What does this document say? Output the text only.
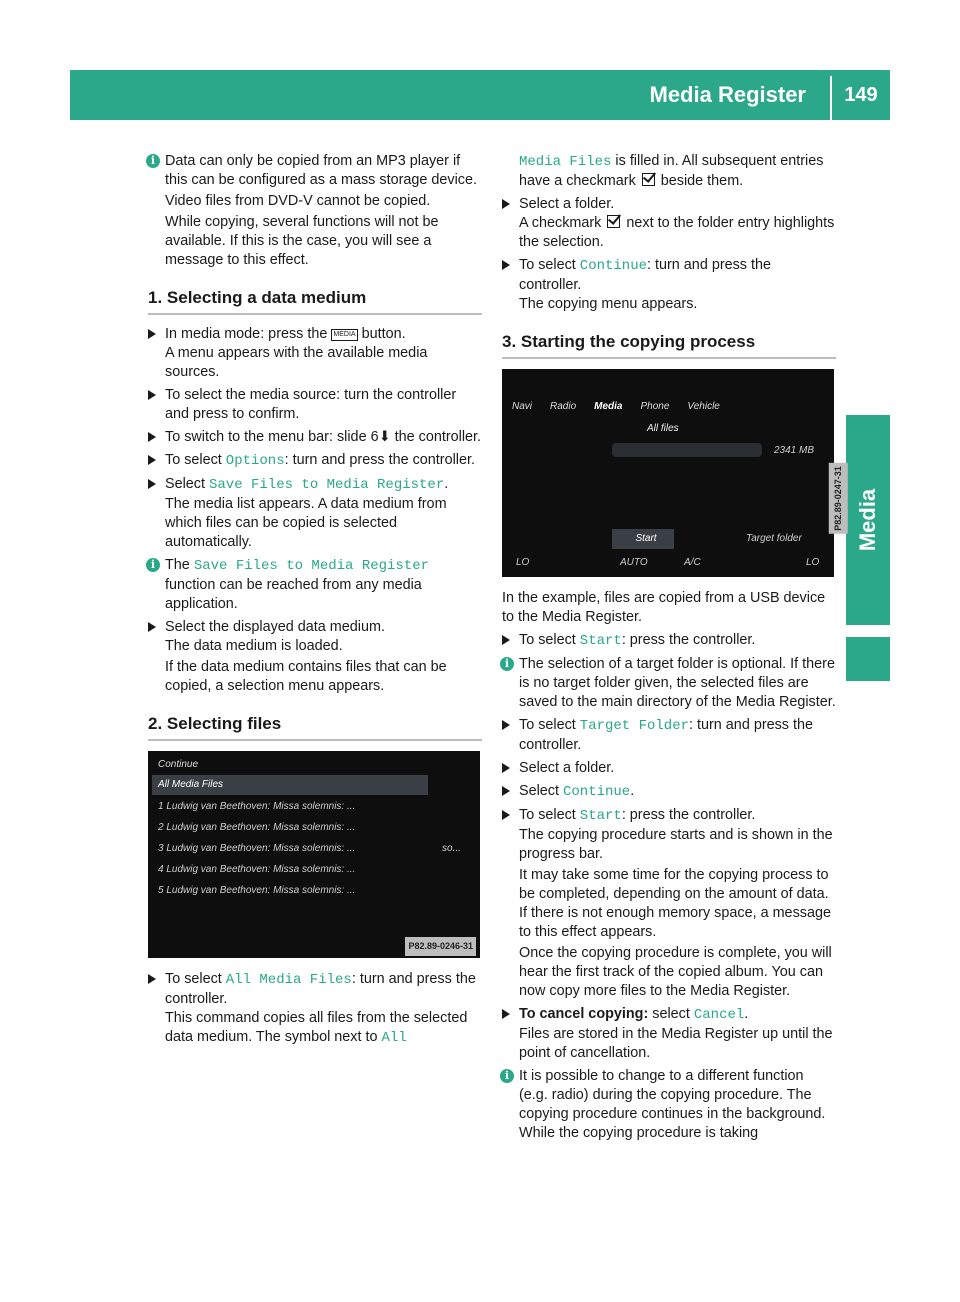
Media Register	149
Media
i Data can only be copied from an MP3 player if this can be configured as a mass storage device.

Video files from DVD-V cannot be copied.

While copying, several functions will not be available. If this is the case, you will see a message to this effect.

1. Selecting a data medium
In media mode: press the MEDIA button.
A menu appears with the available media sources.
To select the media source: turn the controller and press to confirm.
To switch to the menu bar: slide 6⬇ the controller.
To select Options: turn and press the controller.
Select Save Files to Media Register.
The media list appears. A data medium from which files can be copied is selected automatically.
i The Save Files to Media Register function can be reached from any media application.
Select the displayed data medium.
The data medium is loaded.

If the data medium contains files that can be copied, a selection menu appears.

2. Selecting files
Continue
All Media Files
1 Ludwig van Beethoven: Missa solemnis: ...
2 Ludwig van Beethoven: Missa solemnis: ...
3 Ludwig van Beethoven: Missa solemnis: ...
4 Ludwig van Beethoven: Missa solemnis: ...
5 Ludwig van Beethoven: Missa solemnis: ...
so...
P82.89-0246-31
To select All Media Files: turn and press the controller.
This command copies all files from the selected data medium. The symbol next to All

Media Files is filled in. All subsequent entries have a checkmark beside them.

Select a folder.
A checkmark next to the folder entry highlights the selection.
To select Continue: turn and press the controller.
The copying menu appears.
3. Starting the copying process
Navi Radio Media Phone Vehicle
All files
2341 MB
Start	Target folder
LO	AUTO	A/C	LO
P82.89-0247-31

In the example, files are copied from a USB device to the Media Register.

To select Start: press the controller.
i The selection of a target folder is optional. If there is no target folder given, the selected files are saved to the main directory of the Media Register.

To select Target Folder: turn and press the controller.
Select a folder.
Select Continue.
To select Start: press the controller.
The copying procedure starts and is shown in the progress bar.

It may take some time for the copying process to be completed, depending on the amount of data. If there is not enough memory space, a message to this effect appears.

Once the copying procedure is complete, you will hear the first track of the copied album. You can now copy more files to the Media Register.

To cancel copying: select Cancel.
Files are stored in the Media Register up until the point of cancellation.
i It is possible to change to a different function (e.g. radio) during the copying procedure. The copying procedure continues in the background. While the copying procedure is taking
